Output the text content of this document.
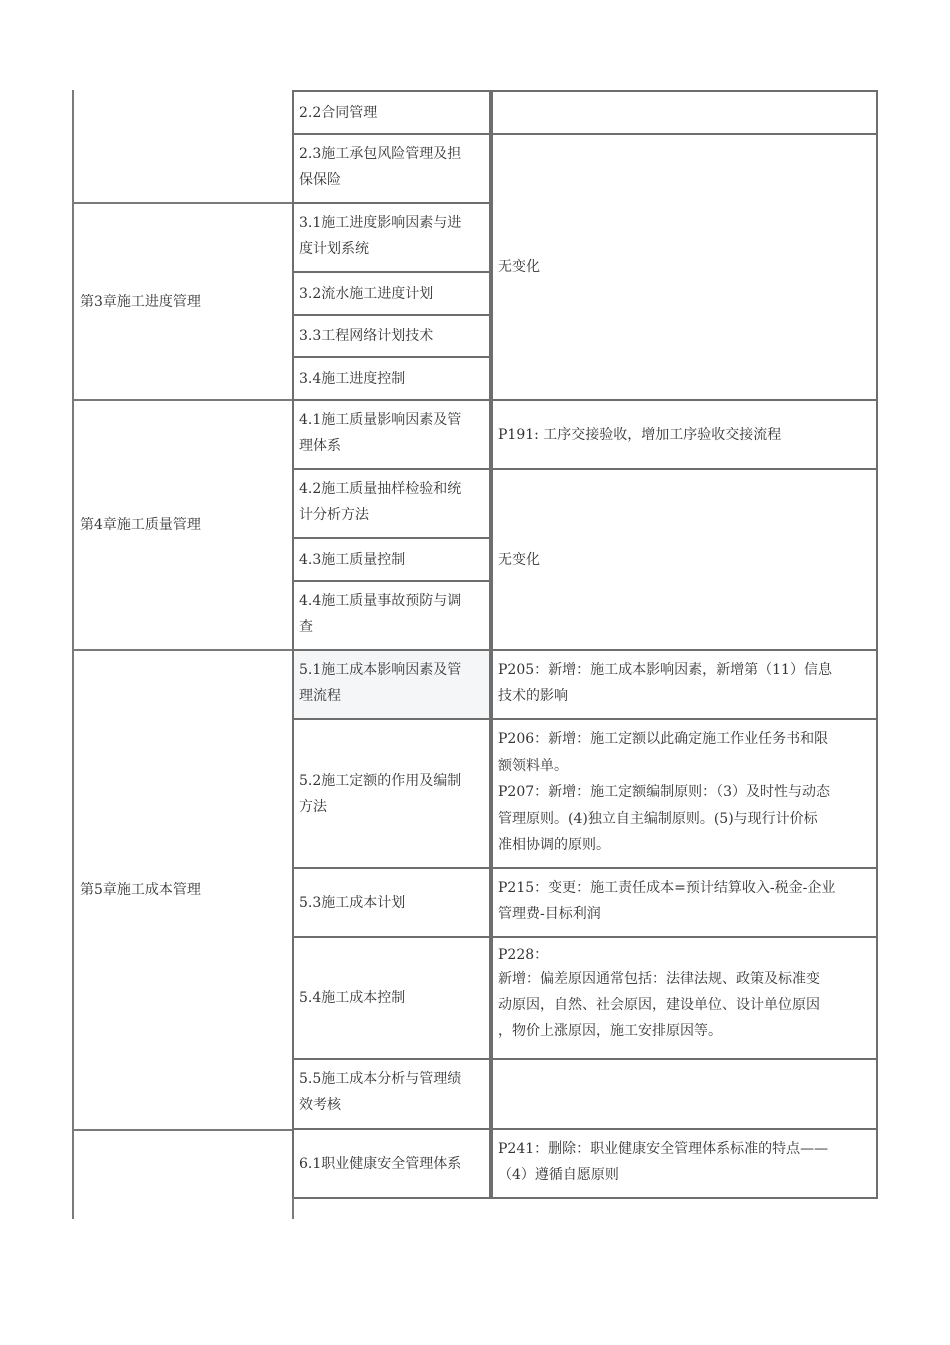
第3章施工进度管理
第4章施工质量管理
第5章施工成本管理
2.2合同管理
2.3施工承包风险管理及担
保保险
3.1施工进度影响因素与进
度计划系统
3.2流水施工进度计划
3.3工程网络计划技术
3.4施工进度控制
4.1施工质量影响因素及管
理体系
4.2施工质量抽样检验和统
计分析方法
4.3施工质量控制
4.4施工质量事故预防与调
查
5.1施工成本影响因素及管
理流程
5.2施工定额的作用及编制
方法
5.3施工成本计划
5.4施工成本控制
5.5施工成本分析与管理绩
效考核
6.1职业健康安全管理体系
无变化
P191: 工序交接验收，增加工序验收交接流程
无变化
P205：新增：施工成本影响因素，新增第（11）信息
技术的影响
P206：新增：施工定额以此确定施工作业任务书和限
额领料单。
P207：新增：施工定额编制原则：（3）及时性与动态
管理原则。(4)独立自主编制原则。(5)与现行计价标
准相协调的原则。
P215：变更：施工责任成本=预计结算收入-税金-企业
管理费-目标利润
P228：
新增：偏差原因通常包括：法律法规、政策及标准变
动原因，自然、社会原因，建设单位、设计单位原因
，物价上涨原因，施工安排原因等。
P241：删除：职业健康安全管理体系标准的特点——
（4）遵循自愿原则
